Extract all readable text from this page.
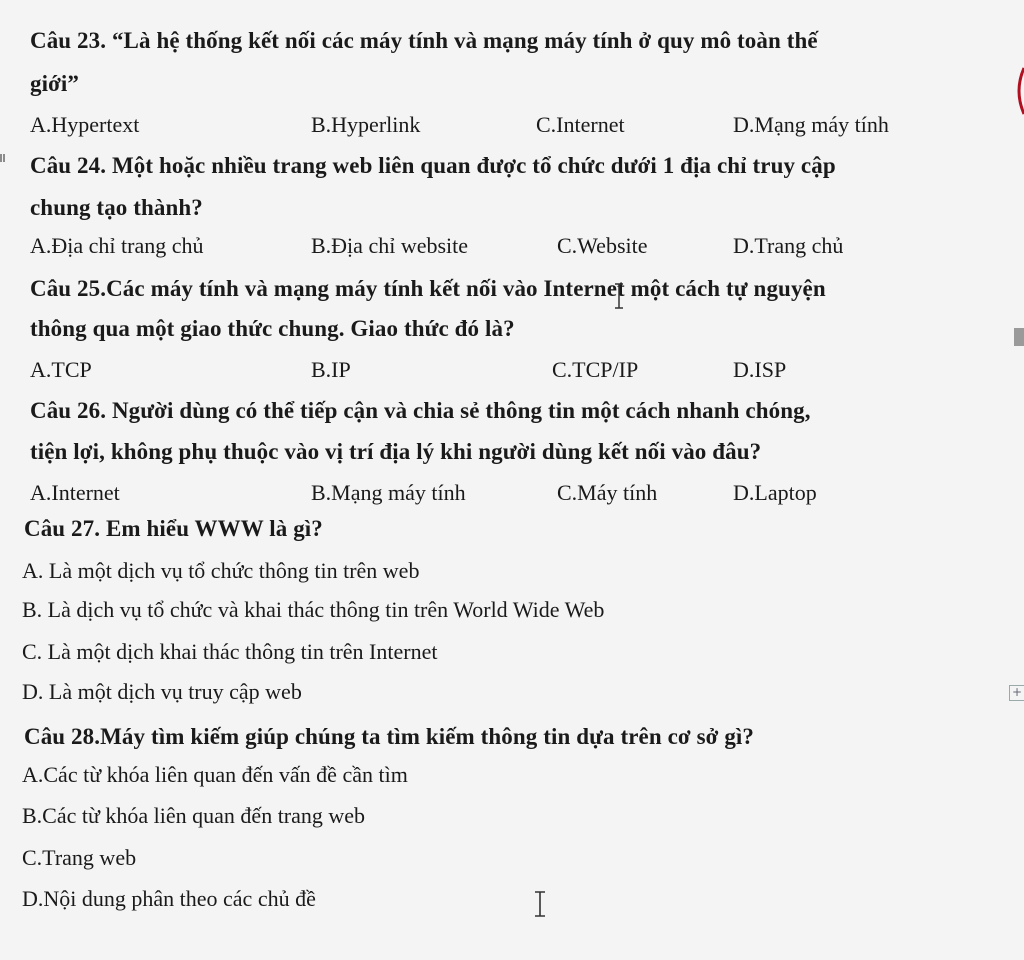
Câu 23. “Là hệ thống kết nối các máy tính và mạng máy tính ở quy mô toàn thế
giới”
A.Hypertext	B.Hyperlink	C.Internet	D.Mạng máy tính
Câu 24. Một hoặc nhiều trang web liên quan được tổ chức dưới 1 địa chỉ truy cập
chung tạo thành?
A.Địa chỉ trang chủ	B.Địa chỉ website	C.Website	D.Trang chủ
Câu 25.Các máy tính và mạng máy tính kết nối vào Internet một cách tự nguyện
thông qua một giao thức chung. Giao thức đó là?
A.TCP	B.IP	C.TCP/IP	D.ISP
Câu 26. Người dùng có thể tiếp cận và chia sẻ thông tin một cách nhanh chóng,
tiện lợi, không phụ thuộc vào vị trí địa lý khi người dùng kết nối vào đâu?
A.Internet	B.Mạng máy tính	C.Máy tính	D.Laptop
Câu 27. Em hiểu WWW là gì?
A. Là một dịch vụ tổ chức thông tin trên web
B. Là dịch vụ tổ chức và khai thác thông tin trên World Wide Web
C. Là một dịch khai thác thông tin trên Internet
D. Là một dịch vụ truy cập web
Câu 28.Máy tìm kiếm giúp chúng ta tìm kiếm thông tin dựa trên cơ sở gì?
A.Các từ khóa liên quan đến vấn đề cần tìm
B.Các từ khóa liên quan đến trang web
C.Trang web
D.Nội dung phân theo các chủ đề
+
